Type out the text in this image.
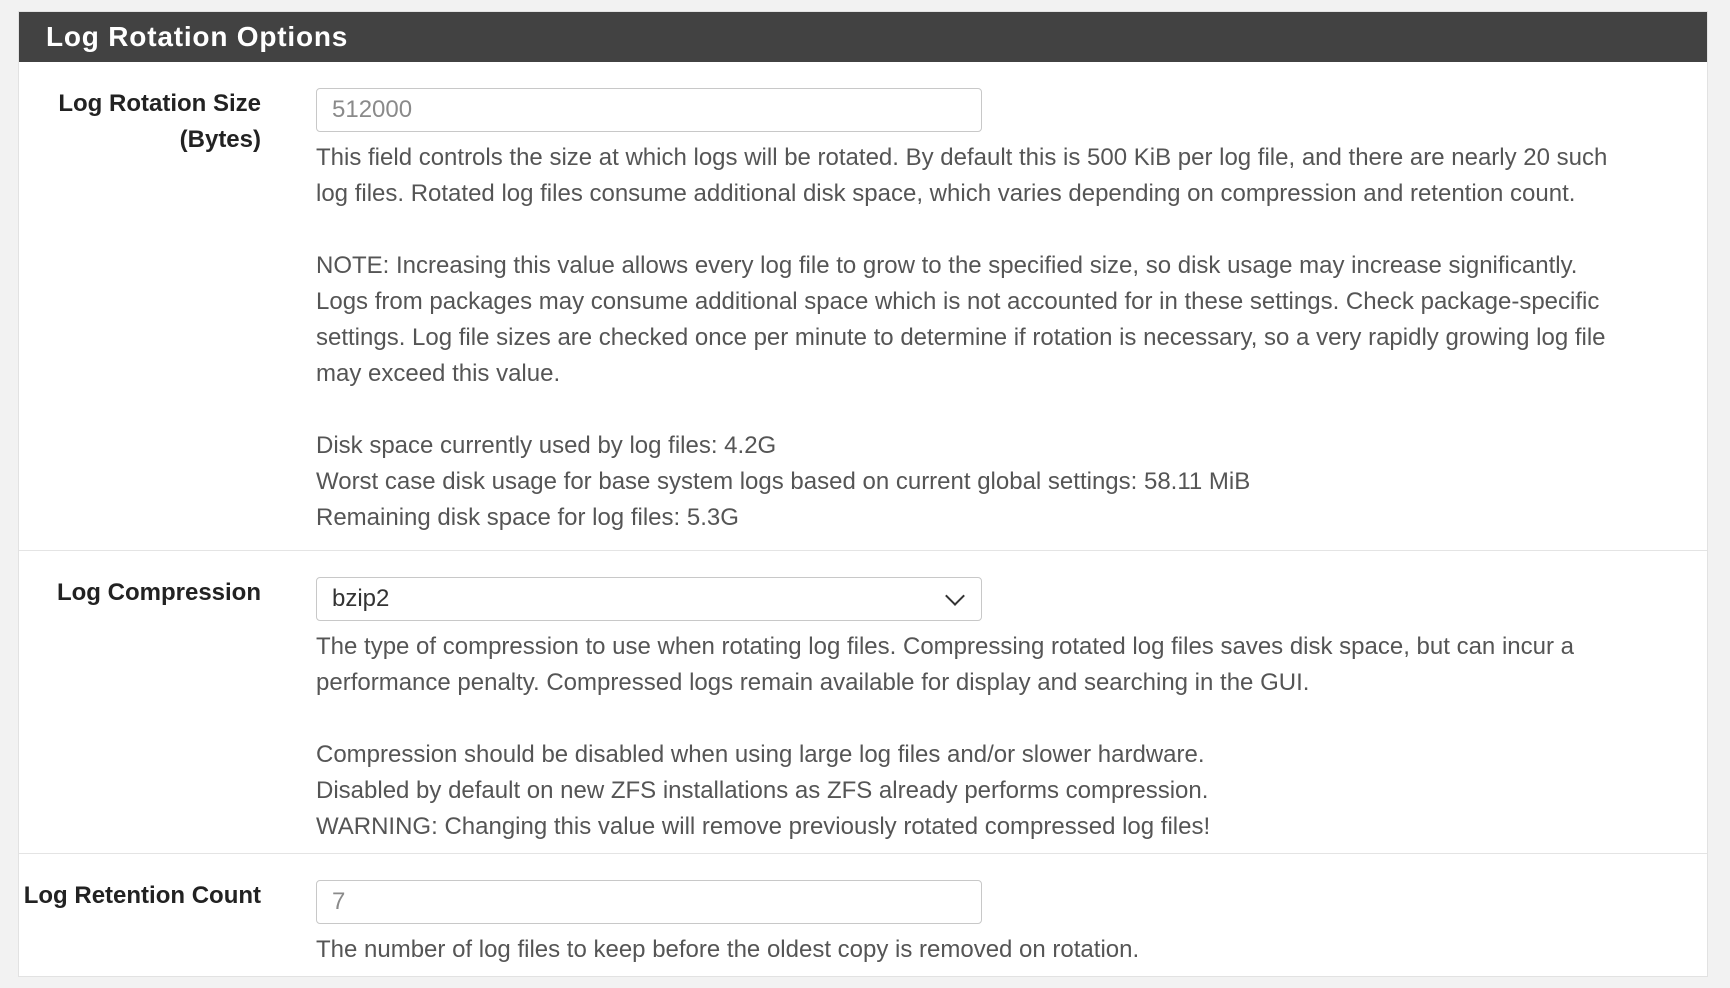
Log Rotation Options
Log Rotation Size
(Bytes)
512000

This field controls the size at which logs will be rotated. By default this is 500 KiB per log file, and there are nearly 20 such log files. Rotated log files consume additional disk space, which varies depending on compression and retention count.

NOTE: Increasing this value allows every log file to grow to the specified size, so disk usage may increase significantly. Logs from packages may consume additional space which is not accounted for in these settings. Check package-specific settings. Log file sizes are checked once per minute to determine if rotation is necessary, so a very rapidly growing log file may exceed this value.

Disk space currently used by log files: 4.2G

Worst case disk usage for base system logs based on current global settings: 58.11 MiB

Remaining disk space for log files: 5.3G

Log Compression	bzip2

The type of compression to use when rotating log files. Compressing rotated log files saves disk space, but can incur a performance penalty. Compressed logs remain available for display and searching in the GUI.

Compression should be disabled when using large log files and/or slower hardware.

Disabled by default on new ZFS installations as ZFS already performs compression.

WARNING: Changing this value will remove previously rotated compressed log files!

Log Retention Count
7

The number of log files to keep before the oldest copy is removed on rotation.
